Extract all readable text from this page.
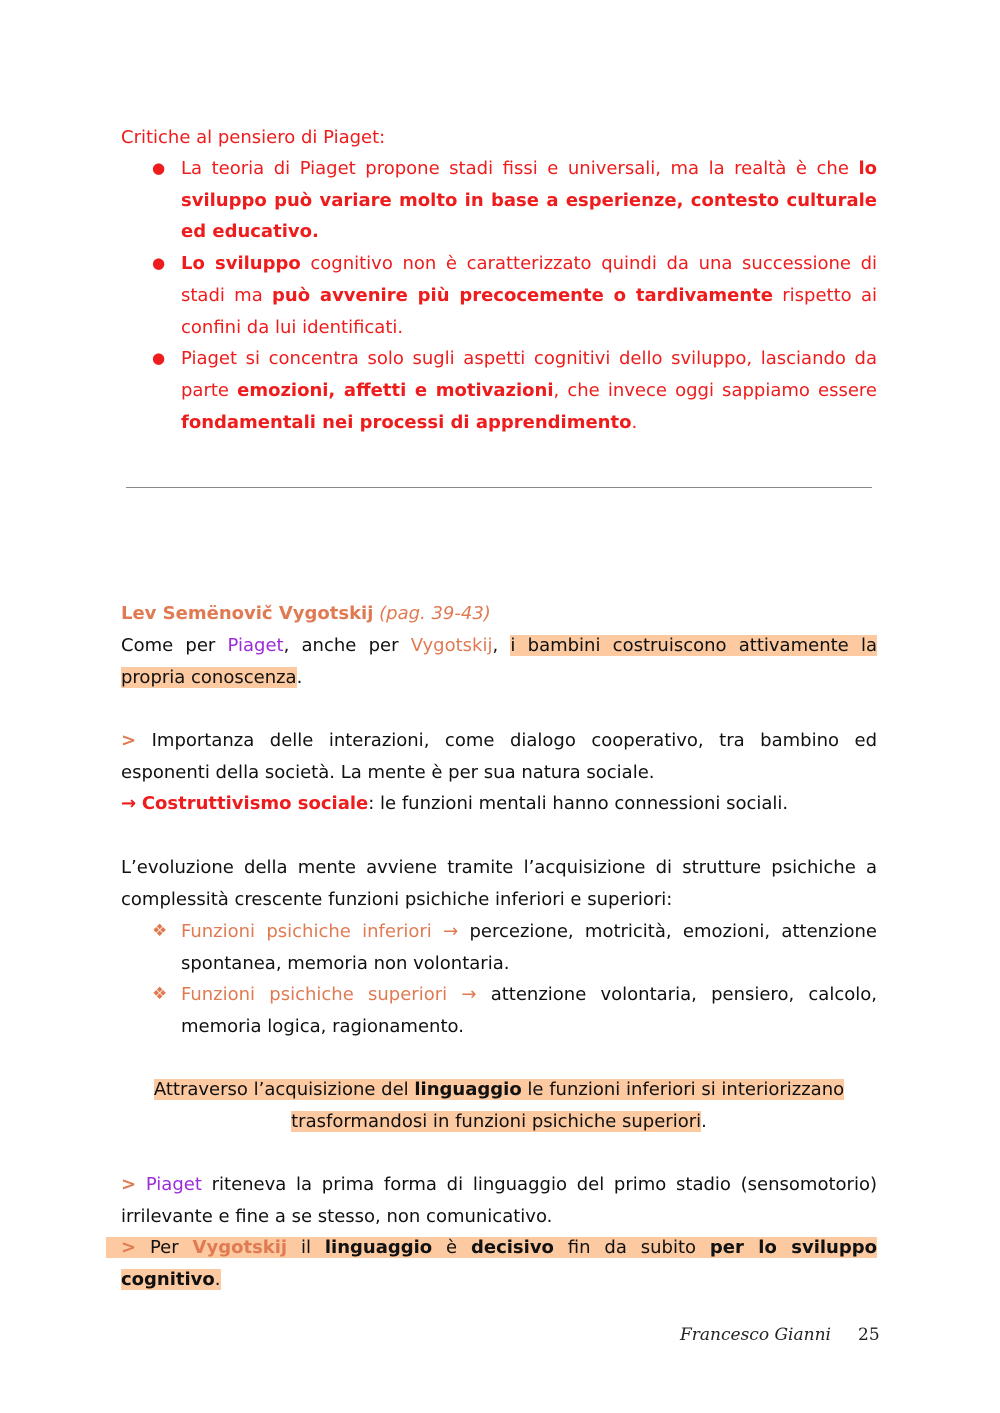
Critiche al pensiero di Piaget:
● La teoria di Piaget propone stadi fissi e universali, ma la realtà è che lo sviluppo può variare molto in base a esperienze, contesto culturale ed educativo.
● Lo sviluppo cognitivo non è caratterizzato quindi da una successione di stadi ma può avvenire più precocemente o tardivamente rispetto ai confini da lui identificati.
● Piaget si concentra solo sugli aspetti cognitivi dello sviluppo, lasciando da parte emozioni, affetti e motivazioni, che invece oggi sappiamo essere fondamentali nei processi di apprendimento.
Lev Semënovič Vygotskij (pag. 39-43)
Come per Piaget, anche per Vygotskij, i bambini costruiscono attivamente la propria conoscenza.
> Importanza delle interazioni, come dialogo cooperativo, tra bambino ed esponenti della società. La mente è per sua natura sociale.
→ Costruttivismo sociale: le funzioni mentali hanno connessioni sociali.
L’evoluzione della mente avviene tramite l’acquisizione di strutture psichiche a complessità crescente funzioni psichiche inferiori e superiori:
❖ Funzioni psichiche inferiori → percezione, motricità, emozioni, attenzione spontanea, memoria non volontaria.
❖ Funzioni psichiche superiori → attenzione volontaria, pensiero, calcolo, memoria logica, ragionamento.
Attraverso l’acquisizione del linguaggio le funzioni inferiori si interiorizzano
trasformandosi in funzioni psichiche superiori.
> Piaget riteneva la prima forma di linguaggio del primo stadio (sensomotorio) irrilevante e fine a se stesso, non comunicativo.
> Per Vygotskij il linguaggio è decisivo fin da subito per lo sviluppo cognitivo.
Francesco Gianni 25
